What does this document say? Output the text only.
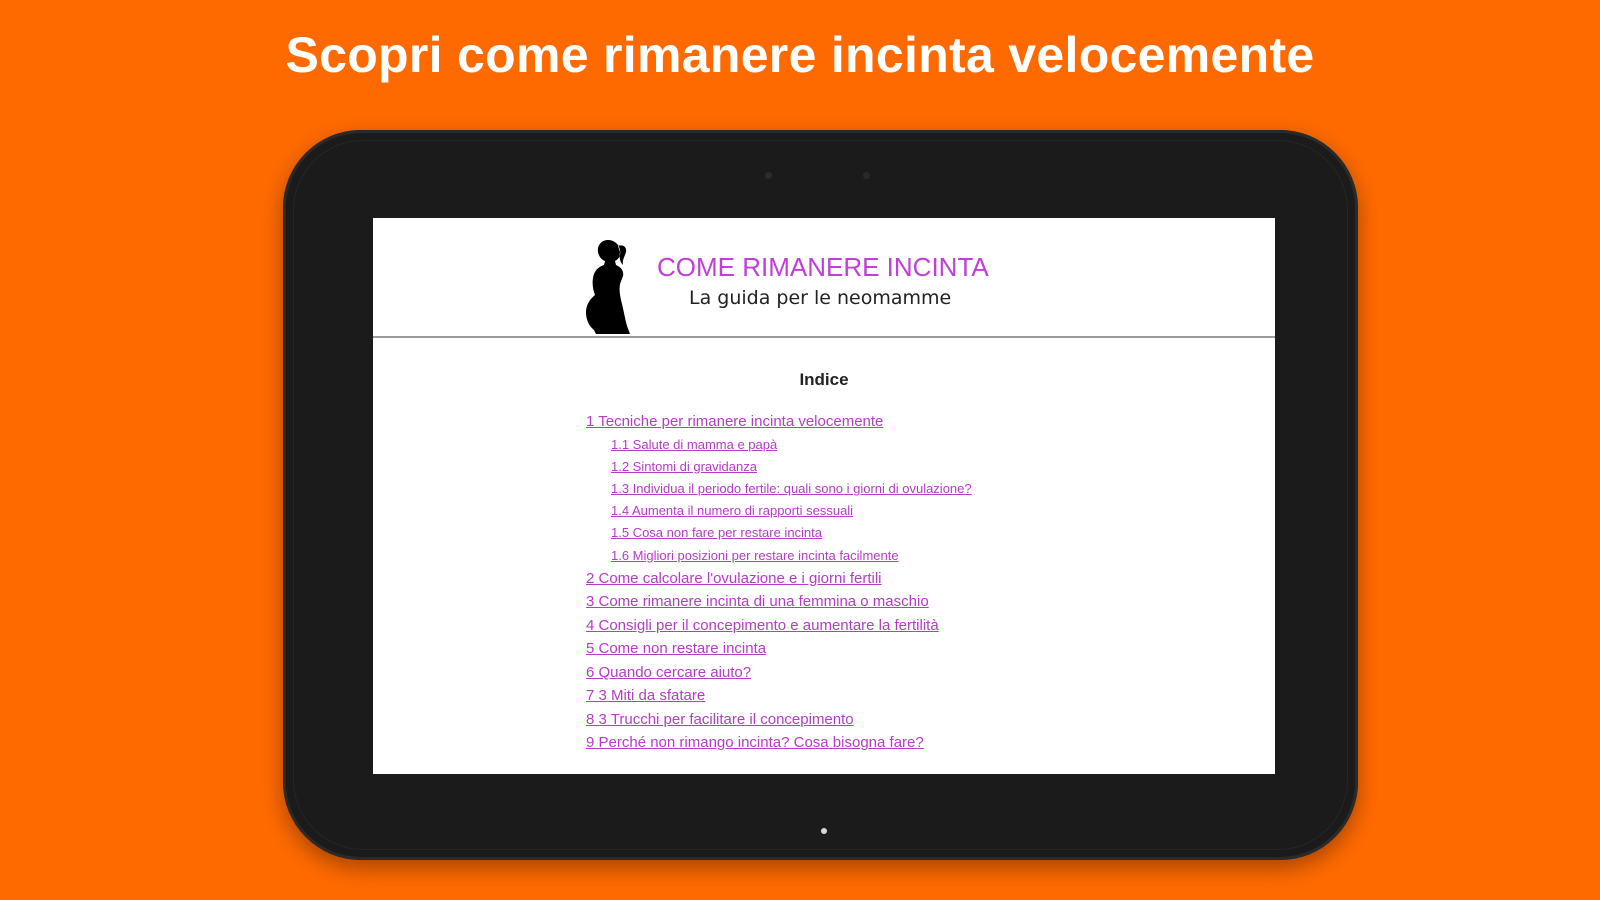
Scopri come rimanere incinta velocemente
COME RIMANERE INCINTA
La guida per le neomamme
Indice
1 Tecniche per rimanere incinta velocemente
1.1 Salute di mamma e papà
1.2 Sintomi di gravidanza
1.3 Individua il periodo fertile: quali sono i giorni di ovulazione?
1.4 Aumenta il numero di rapporti sessuali
1.5 Cosa non fare per restare incinta
1.6 Migliori posizioni per restare incinta facilmente
2 Come calcolare l'ovulazione e i giorni fertili
3 Come rimanere incinta di una femmina o maschio
4 Consigli per il concepimento e aumentare la fertilità
5 Come non restare incinta
6 Quando cercare aiuto?
7 3 Miti da sfatare
8 3 Trucchi per facilitare il concepimento
9 Perché non rimango incinta? Cosa bisogna fare?
